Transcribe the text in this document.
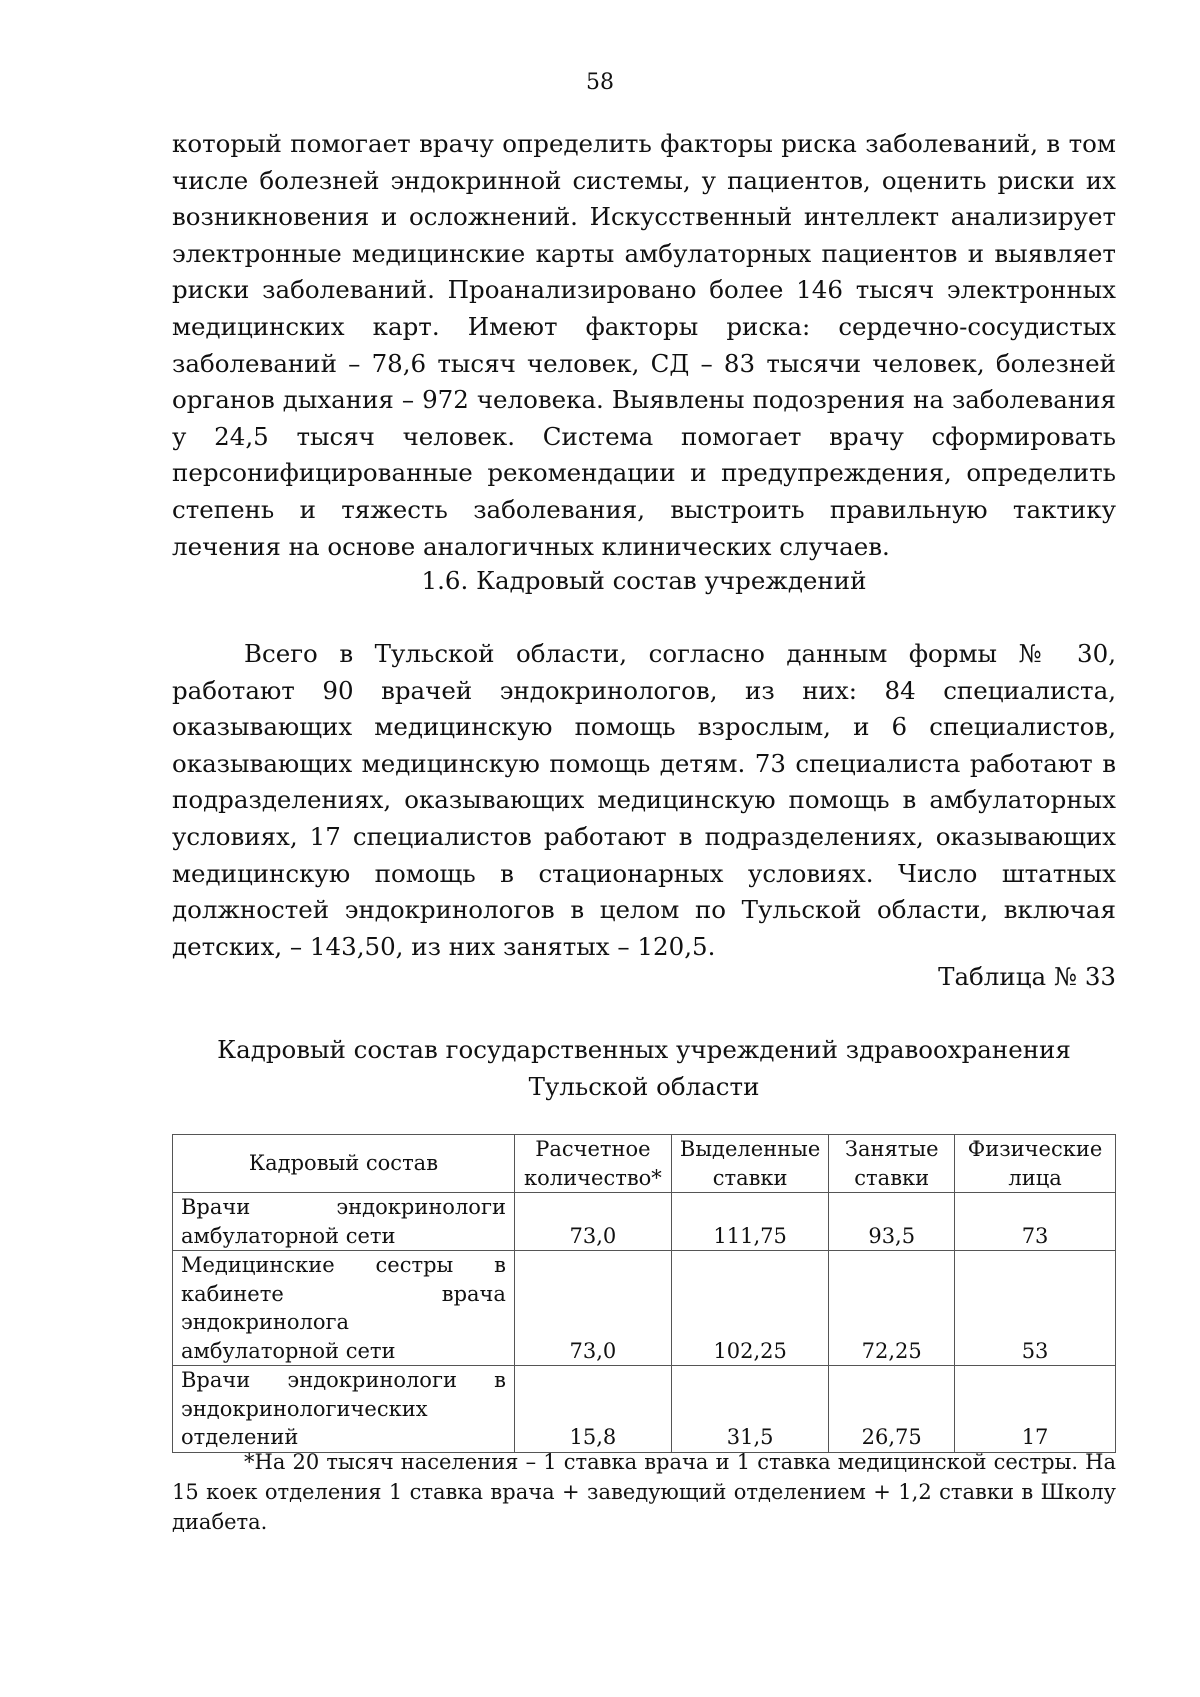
58

который помогает врачу определить факторы риска заболеваний, в том числе болезней эндокринной системы, у пациентов, оценить риски их возникновения и осложнений. Искусственный интеллект анализирует электронные медицинские карты амбулаторных пациентов и выявляет риски заболеваний. Проанализировано более 146 тысяч электронных медицинских карт. Имеют факторы риска: сердечно-сосудистых заболеваний – 78,6 тысяч человек, СД – 83 тысячи человек, болезней органов дыхания – 972 человека. Выявлены подозрения на заболевания у 24,5 тысяч человек. Система помогает врачу сформировать персонифицированные рекомендации и предупреждения, определить степень и тяжесть заболевания, выстроить правильную тактику лечения на основе аналогичных клинических случаев.

1.6. Кадровый состав учреждений

Всего в Тульской области, согласно данным формы № 30, работают 90 врачей эндокринологов, из них: 84 специалиста, оказывающих медицинскую помощь взрослым, и 6 специалистов, оказывающих медицинскую помощь детям. 73 специалиста работают в подразделениях, оказывающих медицинскую помощь в амбулаторных условиях, 17 специалистов работают в подразделениях, оказывающих медицинскую помощь в стационарных условиях. Число штатных должностей эндокринологов в целом по Тульской области, включая детских, – 143,50, из них занятых – 120,5.

Таблица № 33
Кадровый состав государственных учреждений здравоохранения
Тульской области
Кадровый состав	Расчетное количество*	Выделенные ставки	Занятые ставки	Физические лица
Врачи эндокринологи амбулаторной сети	73,0	111,75	93,5	73
Медицинские сестры в кабинете врача эндокринолога амбулаторной сети	73,0	102,25	72,25	53
Врачи эндокринологи в эндокринологических отделений	15,8	31,5	26,75	17

*На 20 тысяч населения – 1 ставка врача и 1 ставка медицинской сестры. На 15 коек отделения 1 ставка врача + заведующий отделением + 1,2 ставки в Школу диабета.
